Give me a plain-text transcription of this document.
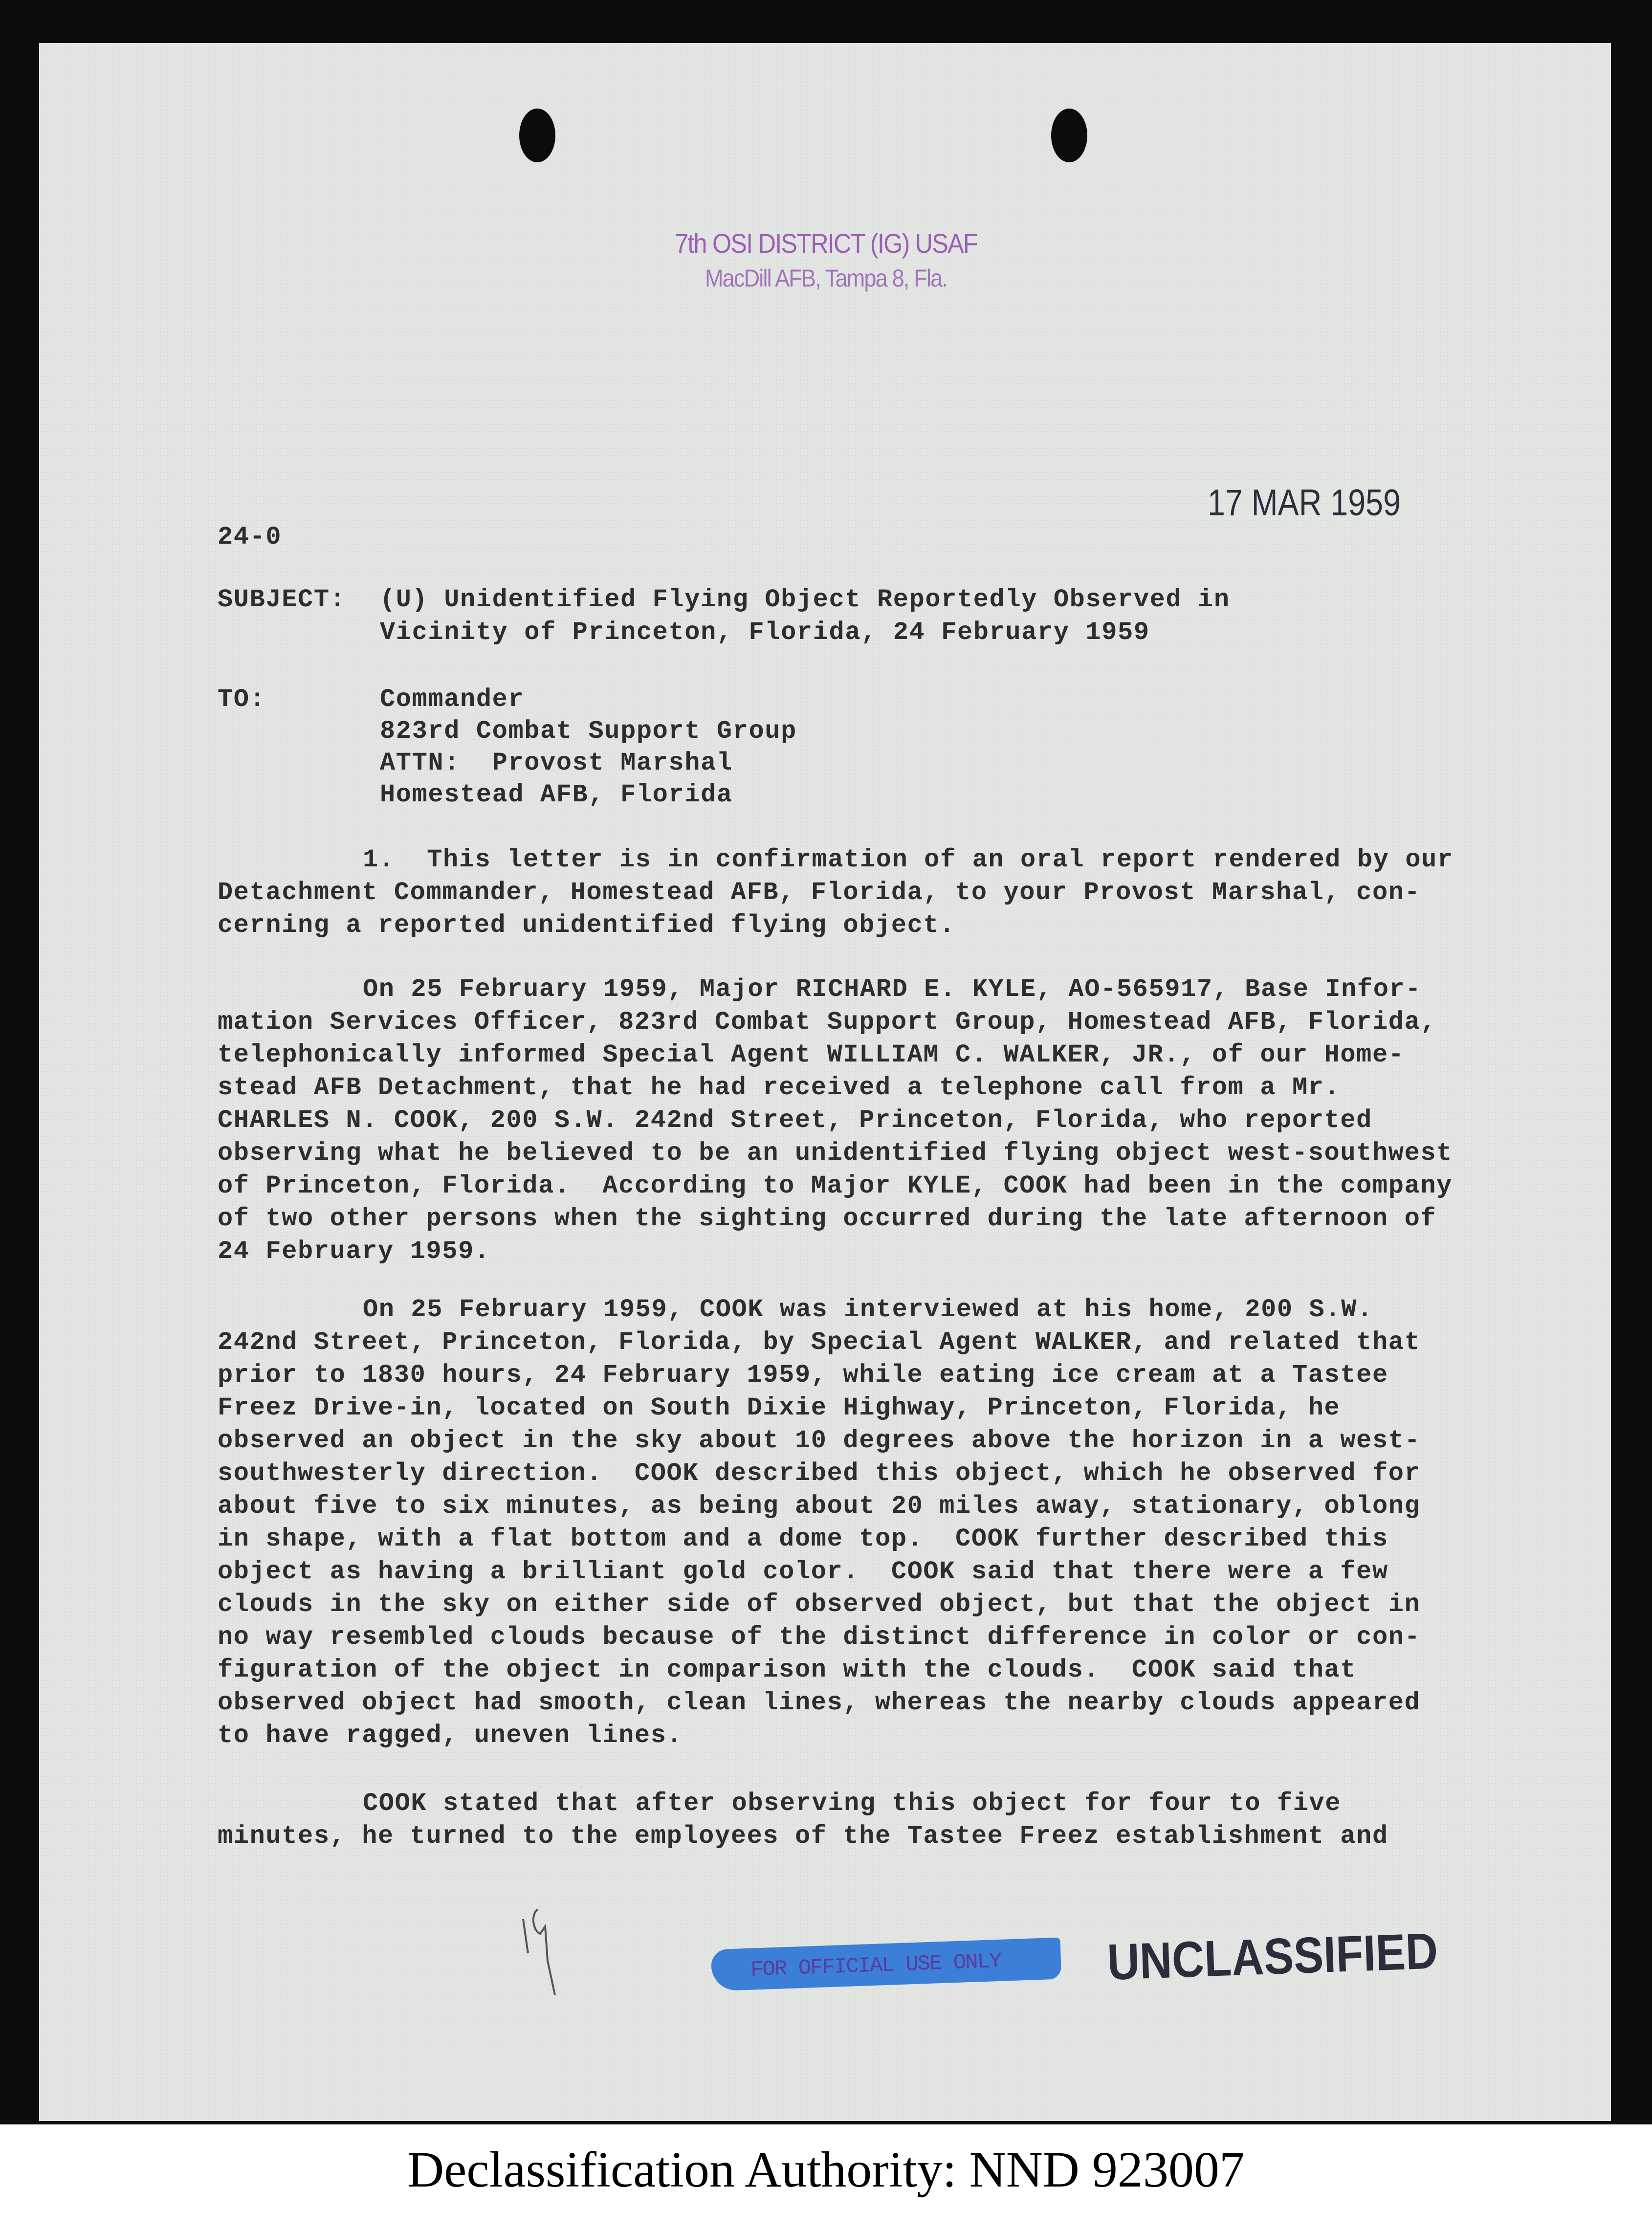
7th OSI DISTRICT (IG) USAF
MacDill AFB, Tampa 8, Fla.
17 MAR 1959
24-0
SUBJECT: (U) Unidentified Flying Object Reportedly Observed in
Vicinity of Princeton, Florida, 24 February 1959
TO:	Commander
823rd Combat Support Group
ATTN:  Provost Marshal
Homestead AFB, Florida
1.  This letter is in confirmation of an oral report rendered by our
Detachment Commander, Homestead AFB, Florida, to your Provost Marshal, con-
cerning a reported unidentified flying object.
On 25 February 1959, Major RICHARD E. KYLE, AO-565917, Base Infor-
mation Services Officer, 823rd Combat Support Group, Homestead AFB, Florida,
telephonically informed Special Agent WILLIAM C. WALKER, JR., of our Home-
stead AFB Detachment, that he had received a telephone call from a Mr.
CHARLES N. COOK, 200 S.W. 242nd Street, Princeton, Florida, who reported
observing what he believed to be an unidentified flying object west-southwest
of Princeton, Florida.  According to Major KYLE, COOK had been in the company
of two other persons when the sighting occurred during the late afternoon of
24 February 1959.
On 25 February 1959, COOK was interviewed at his home, 200 S.W.
242nd Street, Princeton, Florida, by Special Agent WALKER, and related that
prior to 1830 hours, 24 February 1959, while eating ice cream at a Tastee
Freez Drive-in, located on South Dixie Highway, Princeton, Florida, he
observed an object in the sky about 10 degrees above the horizon in a west-
southwesterly direction.  COOK described this object, which he observed for
about five to six minutes, as being about 20 miles away, stationary, oblong
in shape, with a flat bottom and a dome top.  COOK further described this
object as having a brilliant gold color.  COOK said that there were a few
clouds in the sky on either side of observed object, but that the object in
no way resembled clouds because of the distinct difference in color or con-
figuration of the object in comparison with the clouds.  COOK said that
observed object had smooth, clean lines, whereas the nearby clouds appeared
to have ragged, uneven lines.
COOK stated that after observing this object for four to five
minutes, he turned to the employees of the Tastee Freez establishment and
FOR OFFICIAL USE ONLY UNCLASSIFIED
Declassification Authority: NND 923007
